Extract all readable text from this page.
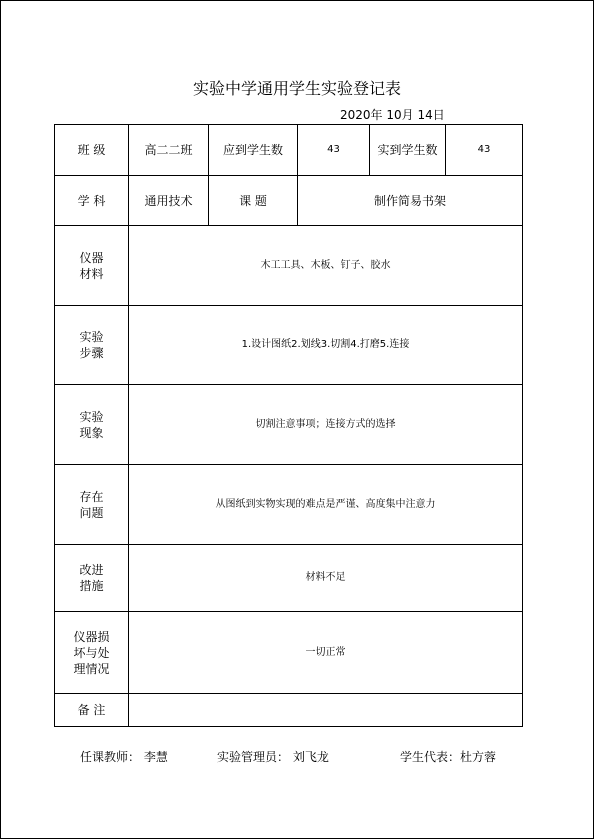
实验中学通用学生实验登记表
2020年 10月 14日
班 级	高二二班	应到学生数	43	实到学生数	43
学 科	通用技术	课 题	制作简易书架		

仪器
材料	木工工具、木板、钉子、胶水				

实验
步骤	1.设计图纸2.划线3.切割4.打磨5.连接				

实验
现象	切割注意事项；连接方式的选择				

存在
问题	从图纸到实物实现的难点是严谨、高度集中注意力				

改进
措施	材料不足				

仪器损
坏与处
理情况	一切正常				
备 注					
任课教师： 李慧	实验管理员： 刘飞龙	学生代表：杜方蓉
